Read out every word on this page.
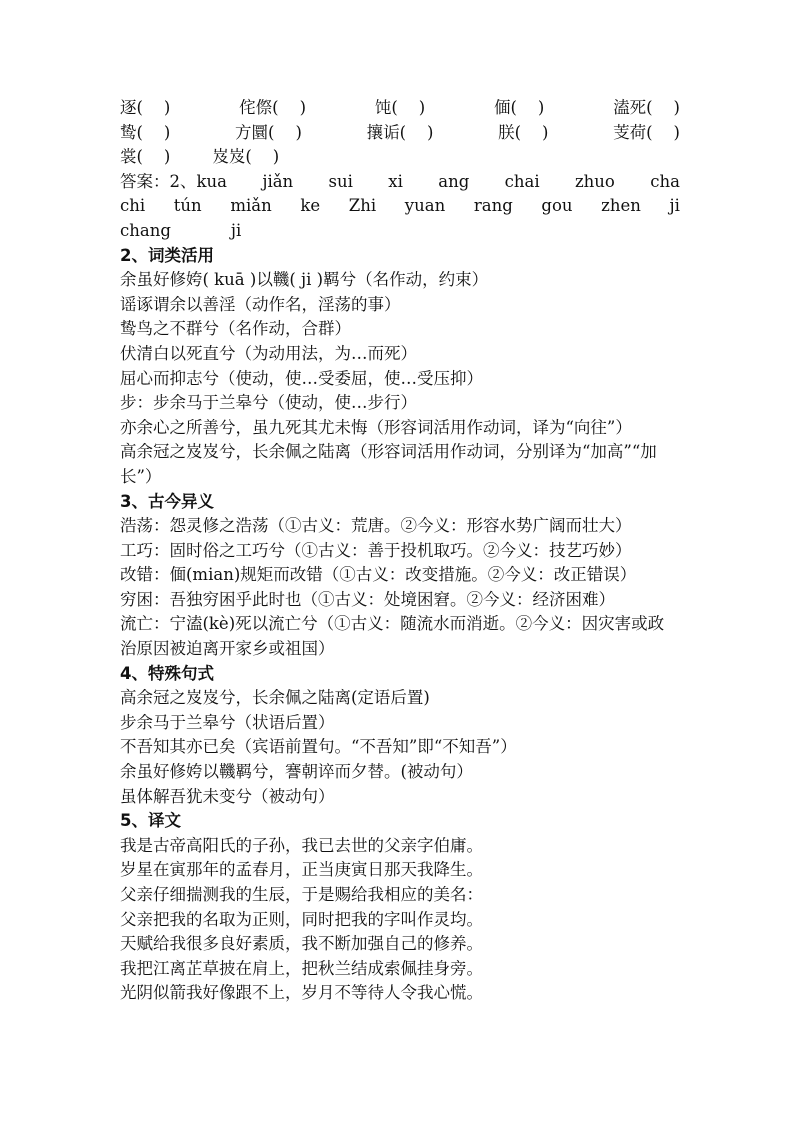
逐(    )	侘傺(    )	饨(    )	偭(    )	溘死(    )
鸷(    )	方圜(    )	攘诟(    )	朕(    )	芰荷(    )
裳(    )	岌岌(    )
答案：2、kua jiǎn sui xi ang chai zhuo cha
chi tún miǎn ke Zhi yuan rang gou zhen ji
chang	ji
2、词类活用
余虽好修姱( kuā )以鞿( ji )羁兮（名作动，约束）
谣诼谓余以善淫（动作名，淫荡的事）
鸷鸟之不群兮（名作动，合群）
伏清白以死直兮（为动用法，为…而死）
屈心而抑志兮（使动，使…受委屈，使…受压抑）
步：步余马于兰皋兮（使动，使…步行）
亦余心之所善兮，虽九死其尤未悔（形容词活用作动词，译为“向往”）
高余冠之岌岌兮，长余佩之陆离（形容词活用作动词，分别译为“加高”“加长”）
3、古今异义
浩荡：怨灵修之浩荡（①古义：荒唐。②今义：形容水势广阔而壮大）
工巧：固时俗之工巧兮（①古义：善于投机取巧。②今义：技艺巧妙）
改错：偭(mian)规矩而改错（①古义：改变措施。②今义：改正错误）
穷困：吾独穷困乎此时也（①古义：处境困窘。②今义：经济困难）
流亡：宁溘(kè)死以流亡兮（①古义：随流水而消逝。②今义：因灾害或政治原因被迫离开家乡或祖国）
4、特殊句式
高余冠之岌岌兮，长余佩之陆离(定语后置)
步余马于兰皋兮（状语后置）
不吾知其亦已矣（宾语前置句。“不吾知”即“不知吾”）
余虽好修姱以鞿羁兮，謇朝谇而夕替。(被动句）
虽体解吾犹未变兮（被动句）
5、译文
我是古帝高阳氏的子孙，我已去世的父亲字伯庸。
岁星在寅那年的孟春月，正当庚寅日那天我降生。
父亲仔细揣测我的生辰，于是赐给我相应的美名：
父亲把我的名取为正则，同时把我的字叫作灵均。
天赋给我很多良好素质，我不断加强自己的修养。
我把江离芷草披在肩上，把秋兰结成索佩挂身旁。
光阴似箭我好像跟不上，岁月不等待人令我心慌。
